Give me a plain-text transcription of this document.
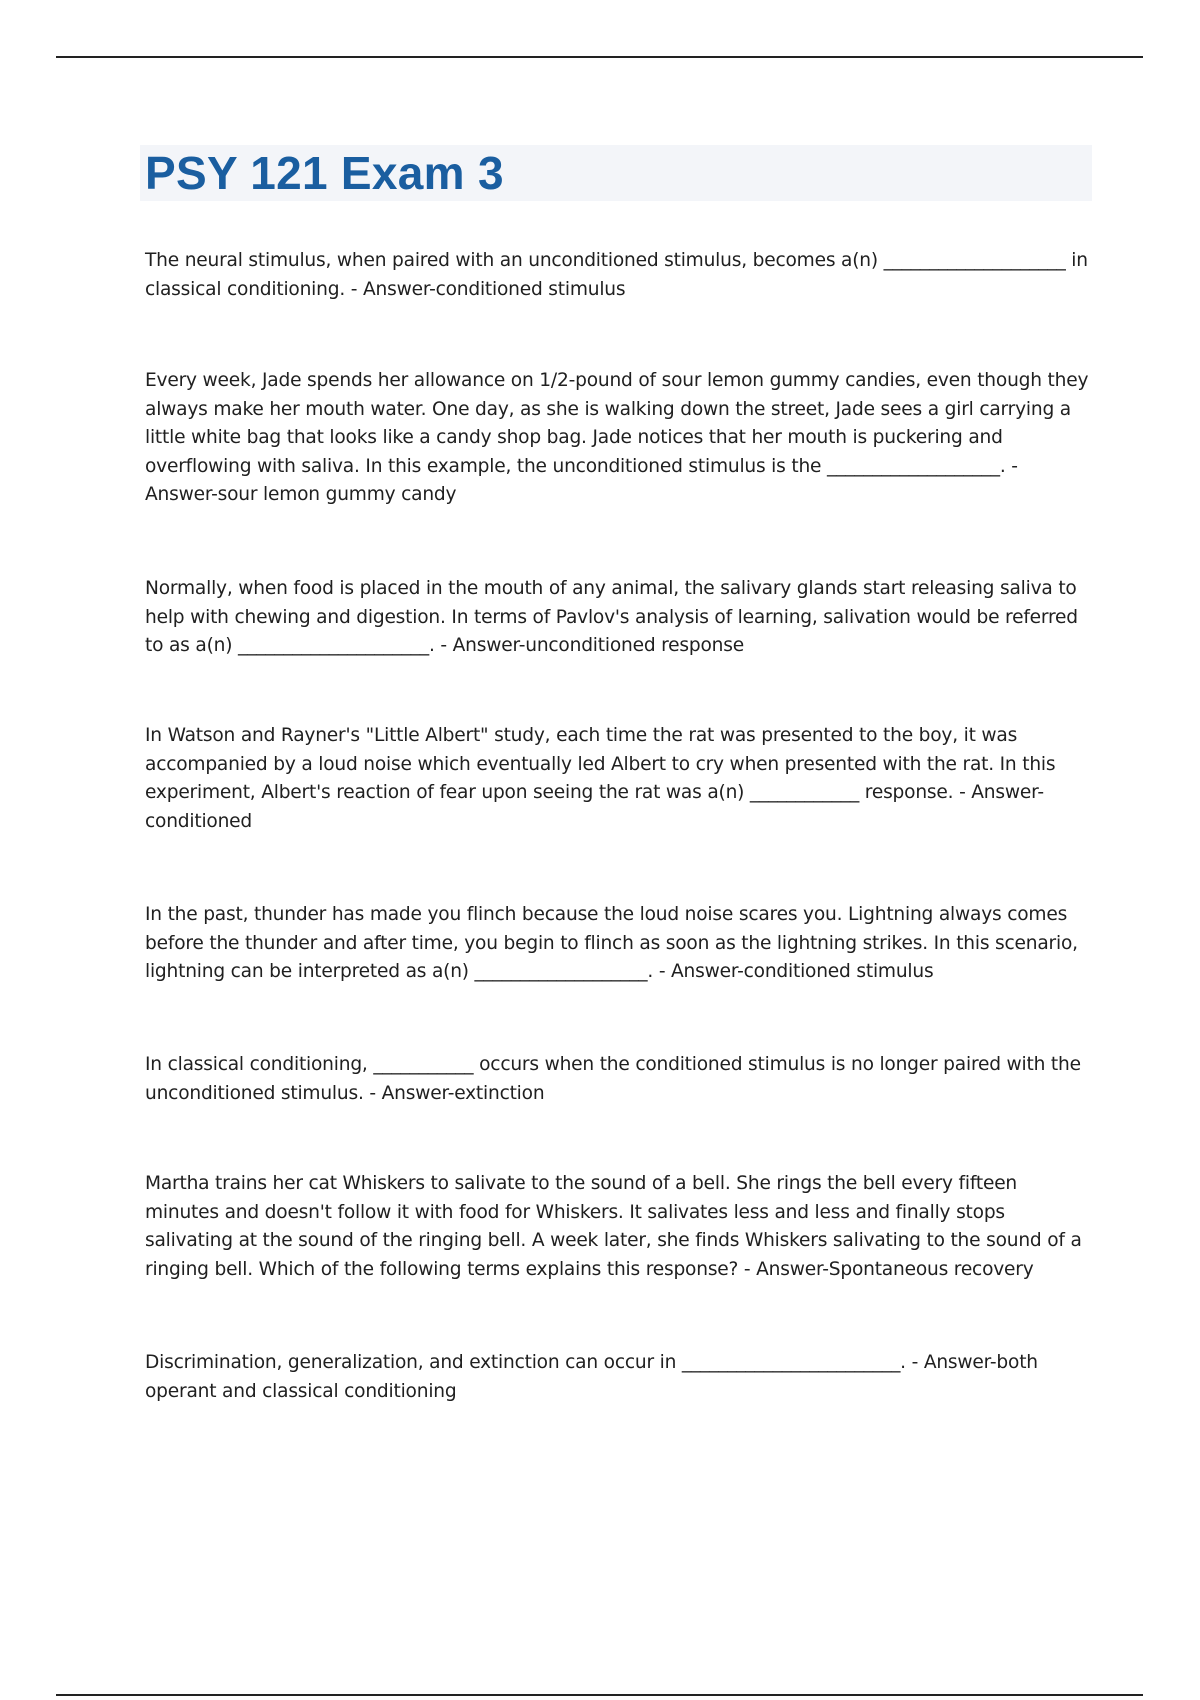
PSY 121 Exam 3

The neural stimulus, when paired with an unconditioned stimulus, becomes a(n) ____________________ in classical conditioning. - Answer-conditioned stimulus

Every week, Jade spends her allowance on 1/2-pound of sour lemon gummy candies, even though they always make her mouth water. One day, as she is walking down the street, Jade sees a girl carrying a little white bag that looks like a candy shop bag. Jade notices that her mouth is puckering and overflowing with saliva. In this example, the unconditioned stimulus is the ___________________. - Answer-sour lemon gummy candy

Normally, when food is placed in the mouth of any animal, the salivary glands start releasing saliva to help with chewing and digestion. In terms of Pavlov's analysis of learning, salivation would be referred to as a(n) _____________________. - Answer-unconditioned response

In Watson and Rayner's "Little Albert" study, each time the rat was presented to the boy, it was accompanied by a loud noise which eventually led Albert to cry when presented with the rat. In this experiment, Albert's reaction of fear upon seeing the rat was a(n) ____________ response. - Answer-conditioned

In the past, thunder has made you flinch because the loud noise scares you. Lightning always comes before the thunder and after time, you begin to flinch as soon as the lightning strikes. In this scenario, lightning can be interpreted as a(n) ___________________. - Answer-conditioned stimulus

In classical conditioning, ___________ occurs when the conditioned stimulus is no longer paired with the unconditioned stimulus. - Answer-extinction

Martha trains her cat Whiskers to salivate to the sound of a bell. She rings the bell every fifteen minutes and doesn't follow it with food for Whiskers. It salivates less and less and finally stops salivating at the sound of the ringing bell. A week later, she finds Whiskers salivating to the sound of a ringing bell. Which of the following terms explains this response? - Answer-Spontaneous recovery

Discrimination, generalization, and extinction can occur in ________________________. - Answer-both operant and classical conditioning
